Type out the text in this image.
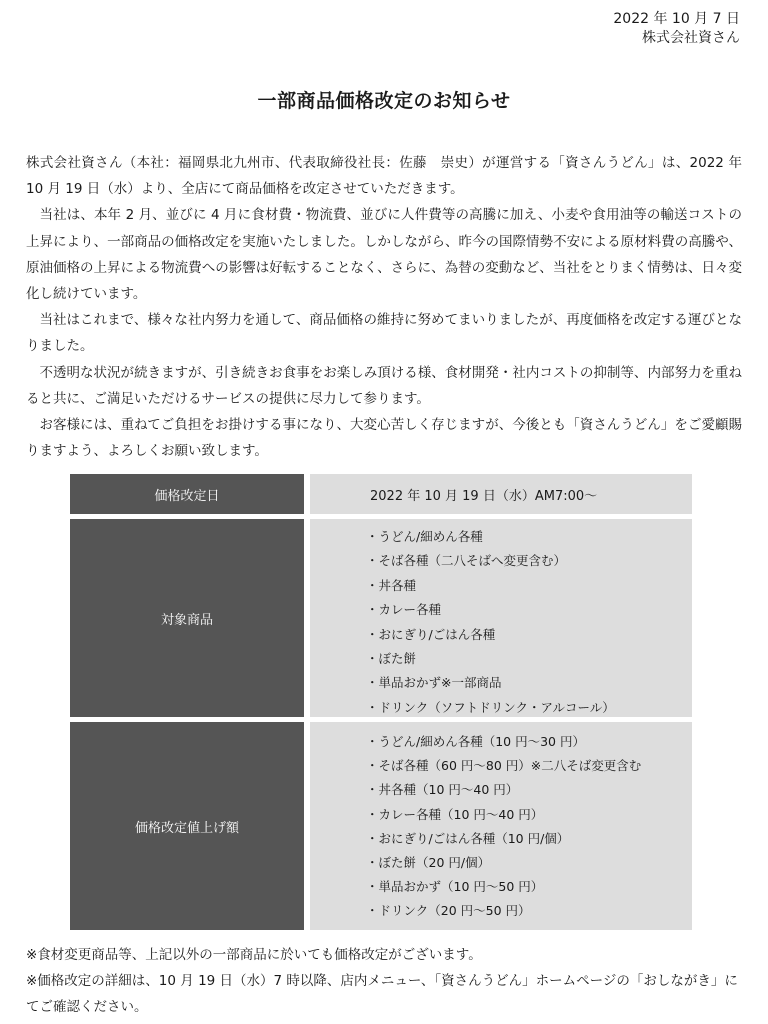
2022 年 10 月 7 日
株式会社資さん
一部商品価格改定のお知らせ

株式会社資さん（本社：福岡県北九州市、代表取締役社長：佐藤　崇史）が運営する「資さんうどん」は、2022 年 10 月 19 日（水）より、全店にて商品価格を改定させていただきます。

当社は、本年 2 月、並びに 4 月に食材費・物流費、並びに人件費等の高騰に加え、小麦や食用油等の輸送コストの上昇により、一部商品の価格改定を実施いたしました。しかしながら、昨今の国際情勢不安による原材料費の高騰や、原油価格の上昇による物流費への影響は好転することなく、さらに、為替の変動など、当社をとりまく情勢は、日々変化し続けています。

当社はこれまで、様々な社内努力を通して、商品価格の維持に努めてまいりましたが、再度価格を改定する運びとなりました。

不透明な状況が続きますが、引き続きお食事をお楽しみ頂ける様、食材開発・社内コストの抑制等、内部努力を重ねると共に、ご満足いただけるサービスの提供に尽力して参ります。

お客様には、重ねてご負担をお掛けする事になり、大変心苦しく存じますが、今後とも「資さんうどん」をご愛顧賜りますよう、よろしくお願い致します。

価格改定日	2022 年 10 月 19 日（水）AM7:00～
対象商品
・うどん/細めん各種
・そば各種（二八そばへ変更含む）
・丼各種
・カレー各種
・おにぎり/ごはん各種
・ぼた餅
・単品おかず※一部商品
・ドリンク（ソフトドリンク・アルコール）
価格改定値上げ額
・うどん/細めん各種（10 円～30 円）
・そば各種（60 円～80 円）※二八そば変更含む
・丼各種（10 円～40 円）
・カレー各種（10 円～40 円）
・おにぎり/ごはん各種（10 円/個）
・ぼた餅（20 円/個）
・単品おかず（10 円～50 円）
・ドリンク（20 円～50 円）

※食材変更商品等、上記以外の一部商品に於いても価格改定がございます。

※価格改定の詳細は、10 月 19 日（水）7 時以降、店内メニュー、「資さんうどん」ホームページの「おしながき」にてご確認ください。
